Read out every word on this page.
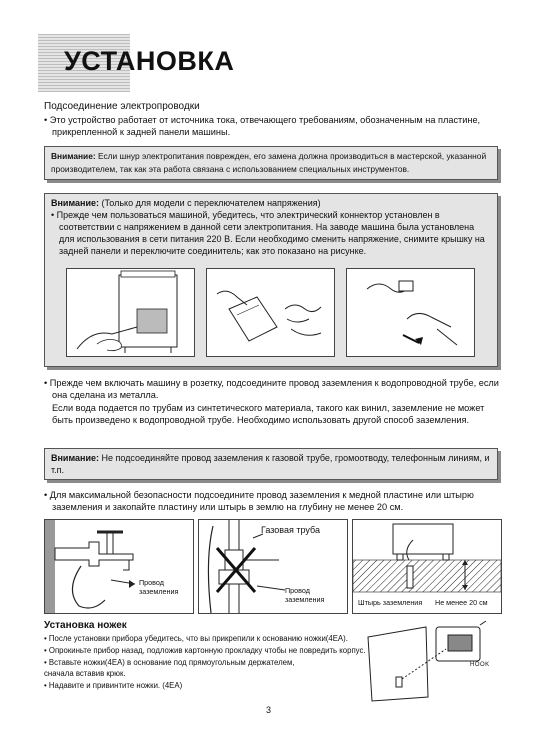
УСТАНОВКА
Подсоединение электропроводки
• Это устройство работает от источника тока, отвечающего требованиям, обозначенным на пластине, прикрепленной к задней панели машины.
Внимание: Если шнур электропитания поврежден, его замена должна производиться в мастерской, указанной производителем, так как эта работа связана с использованием специальных инструментов.
Внимание: (Только для модели с переключателем напряжения)
• Прежде чем пользоваться машиной, убедитесь, что электрический коннектор установлен в соответствии с напряжением в данной сети электропитания. На заводе машина была установлена для использования в сети питания 220 В. Если необходимо сменить напряжение, снимите крышку на задней панели и переключите соединитель; как это показано на рисунке.
• Прежде чем включать машину в розетку, подсоедините провод заземления к водопроводной трубе, если она сделана из металла.
Если вода подается по трубам из синтетического материала, такого как винил, заземление не может быть произведено к водопроводной трубе. Необходимо использовать другой способ заземления.
Внимание: Не подсоединяйте провод заземления к газовой трубе, громоотводу, телефонным линиям, и т.п.
• Для максимальной безопасности подсоедините провод заземления к медной пластине или штырю заземления и закопайте пластину или штырь в землю на глубину не менее 20 см.
Провод
заземления
Газовая труба
Провод
заземления	Штырь заземления Не менее 20 см
Установка ножек
• После установки прибора убедитесь, что вы прикрепили к основанию ножки(4EA).
• Опрокиньте прибор назад, подложив картонную прокладку чтобы не повредить корпус.
• Вставьте ножки(4EA) в основание под прямоугольным держателем,
сначала вставив крюк.
• Надавите и привинтите ножки. (4EA)
HOOK
3
